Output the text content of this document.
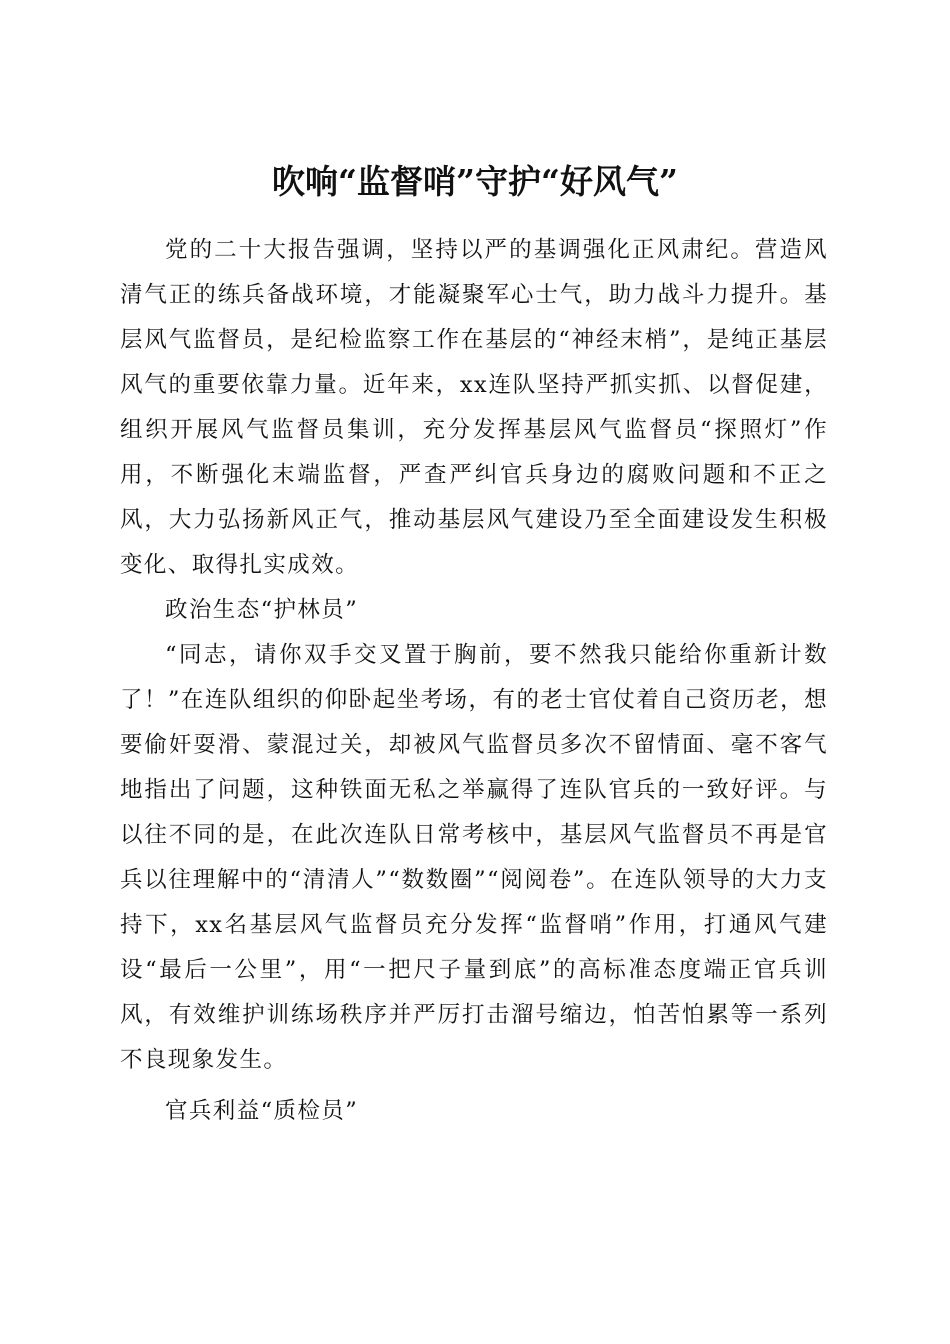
吹响“监督哨”守护“好风气”

党的二十大报告强调，坚持以严的基调强化正风肃纪。营造风清气正的练兵备战环境，才能凝聚军心士气，助力战斗力提升。基层风气监督员，是纪检监察工作在基层的“神经末梢”，是纯正基层风气的重要依靠力量。近年来，xx连队坚持严抓实抓、以督促建，组织开展风气监督员集训，充分发挥基层风气监督员“探照灯”作用，不断强化末端监督，严查严纠官兵身边的腐败问题和不正之风，大力弘扬新风正气，推动基层风气建设乃至全面建设发生积极变化、取得扎实成效。

政治生态“护林员”

“同志，请你双手交叉置于胸前，要不然我只能给你重新计数了！”在连队组织的仰卧起坐考场，有的老士官仗着自己资历老，想要偷奸耍滑、蒙混过关，却被风气监督员多次不留情面、毫不客气地指出了问题，这种铁面无私之举赢得了连队官兵的一致好评。与以往不同的是，在此次连队日常考核中，基层风气监督员不再是官兵以往理解中的“清清人”“数数圈”“阅阅卷”。在连队领导的大力支持下，xx名基层风气监督员充分发挥“监督哨”作用，打通风气建设“最后一公里”，用“一把尺子量到底”的高标准态度端正官兵训风，有效维护训练场秩序并严厉打击溜号缩边，怕苦怕累等一系列不良现象发生。

官兵利益“质检员”
